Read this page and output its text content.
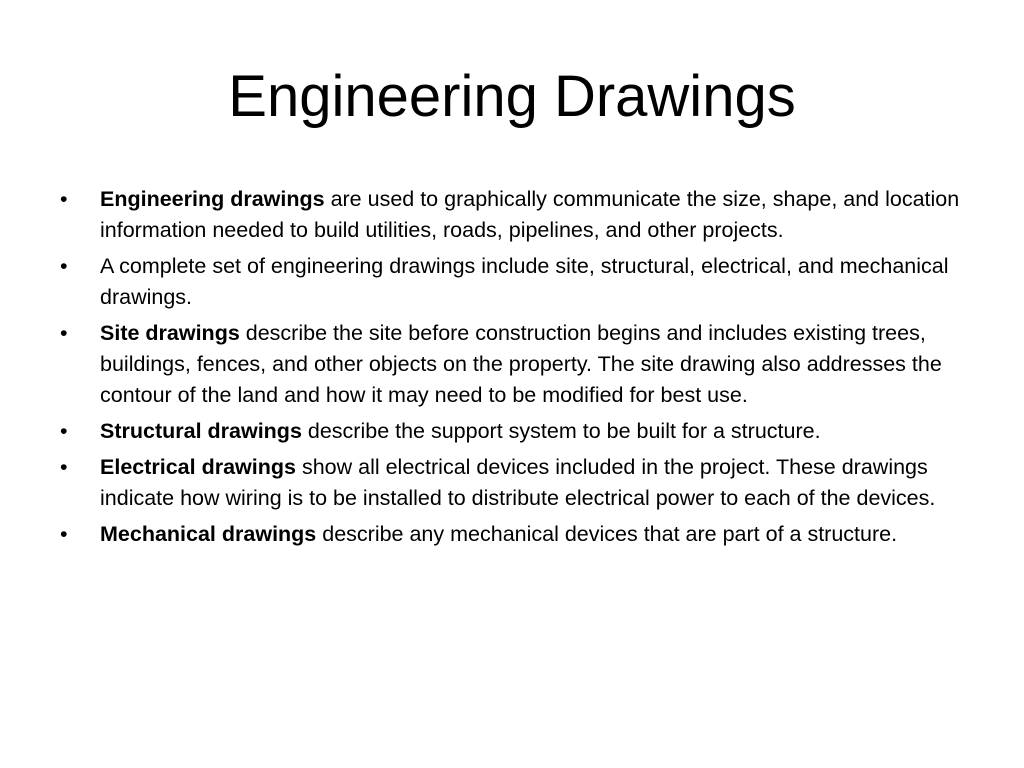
Engineering Drawings
• Engineering drawings are used to graphically communicate the size, shape, and location information needed to build utilities, roads, pipelines, and other projects.
• A complete set of engineering drawings include site, structural, electrical, and mechanical drawings.
• Site drawings describe the site before construction begins and includes existing trees, buildings, fences, and other objects on the property. The site drawing also addresses the contour of the land and how it may need to be modified for best use.
• Structural drawings describe the support system to be built for a structure.
• Electrical drawings show all electrical devices included in the project. These drawings indicate how wiring is to be installed to distribute electrical power to each of the devices.
• Mechanical drawings describe any mechanical devices that are part of a structure.
